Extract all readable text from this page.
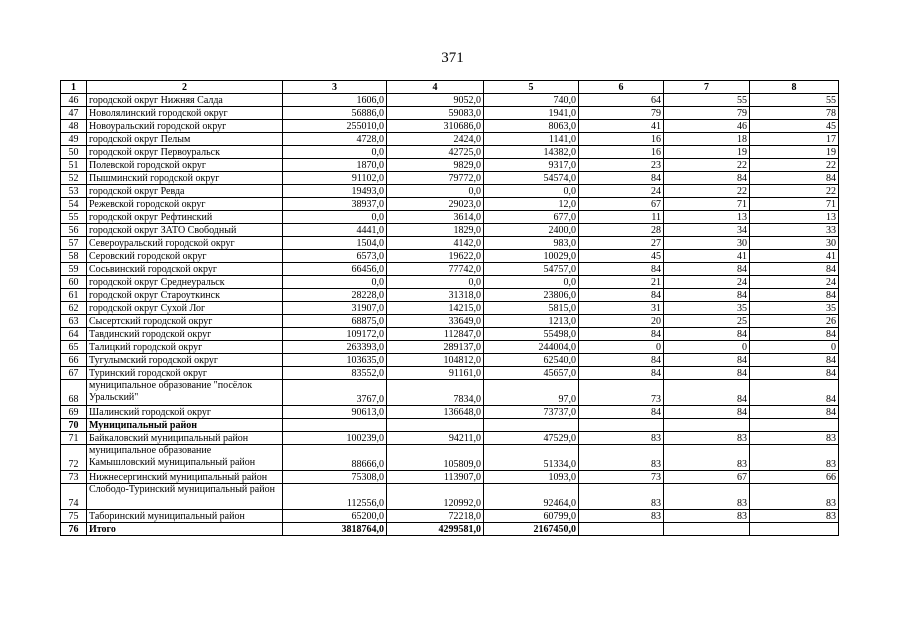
371
1	2	3	4	5	6	7	8
46	городской округ Нижняя Салда	1606,0	9052,0	740,0	64	55	55
47	Новолялинский городской округ	56886,0	59083,0	1941,0	79	79	78
48	Новоуральский городской округ	255010,0	310686,0	8063,0	41	46	45
49	городской округ Пелым	4728,0	2424,0	1141,0	16	18	17
50	городской округ Первоуральск	0,0	42725,0	14382,0	16	19	19
51	Полевской городской округ	1870,0	9829,0	9317,0	23	22	22
52	Пышминский городской округ	91102,0	79772,0	54574,0	84	84	84
53	городской округ Ревда	19493,0	0,0	0,0	24	22	22
54	Режевской городской округ	38937,0	29023,0	12,0	67	71	71
55	городской округ Рефтинский	0,0	3614,0	677,0	11	13	13
56	городской округ ЗАТО Свободный	4441,0	1829,0	2400,0	28	34	33
57	Североуральский городской округ	1504,0	4142,0	983,0	27	30	30
58	Серовский городской округ	6573,0	19622,0	10029,0	45	41	41
59	Сосьвинский городской округ	66456,0	77742,0	54757,0	84	84	84
60	городской округ Среднеуральск	0,0	0,0	0,0	21	24	24
61	городской округ Староуткинск	28228,0	31318,0	23806,0	84	84	84
62	городской округ Сухой Лог	31907,0	14215,0	5815,0	31	35	35
63	Сысертский городской округ	68875,0	33649,0	1213,0	20	25	26
64	Тавдинский городской округ	109172,0	112847,0	55498,0	84	84	84
65	Талицкий городской округ	263393,0	289137,0	244004,0	0	0	0
66	Тугулымский городской округ	103635,0	104812,0	62540,0	84	84	84
67	Туринский городской округ	83552,0	91161,0	45657,0	84	84	84
68	муниципальное образование "посёлок Уральский"	3767,0	7834,0	97,0	73	84	84
69	Шалинский городской округ	90613,0	136648,0	73737,0	84	84	84
70	Муниципальный район						
71	Байкаловский муниципальный район	100239,0	94211,0	47529,0	83	83	83
72	муниципальное образование Камышловский муниципальный район	88666,0	105809,0	51334,0	83	83	83
73	Нижнесергинский муниципальный район	75308,0	113907,0	1093,0	73	67	66
74	Слободо-Туринский муниципальный район	112556,0	120992,0	92464,0	83	83	83
75	Таборинский муниципальный район	65200,0	72218,0	60799,0	83	83	83
76	Итого	3818764,0	4299581,0	2167450,0			
